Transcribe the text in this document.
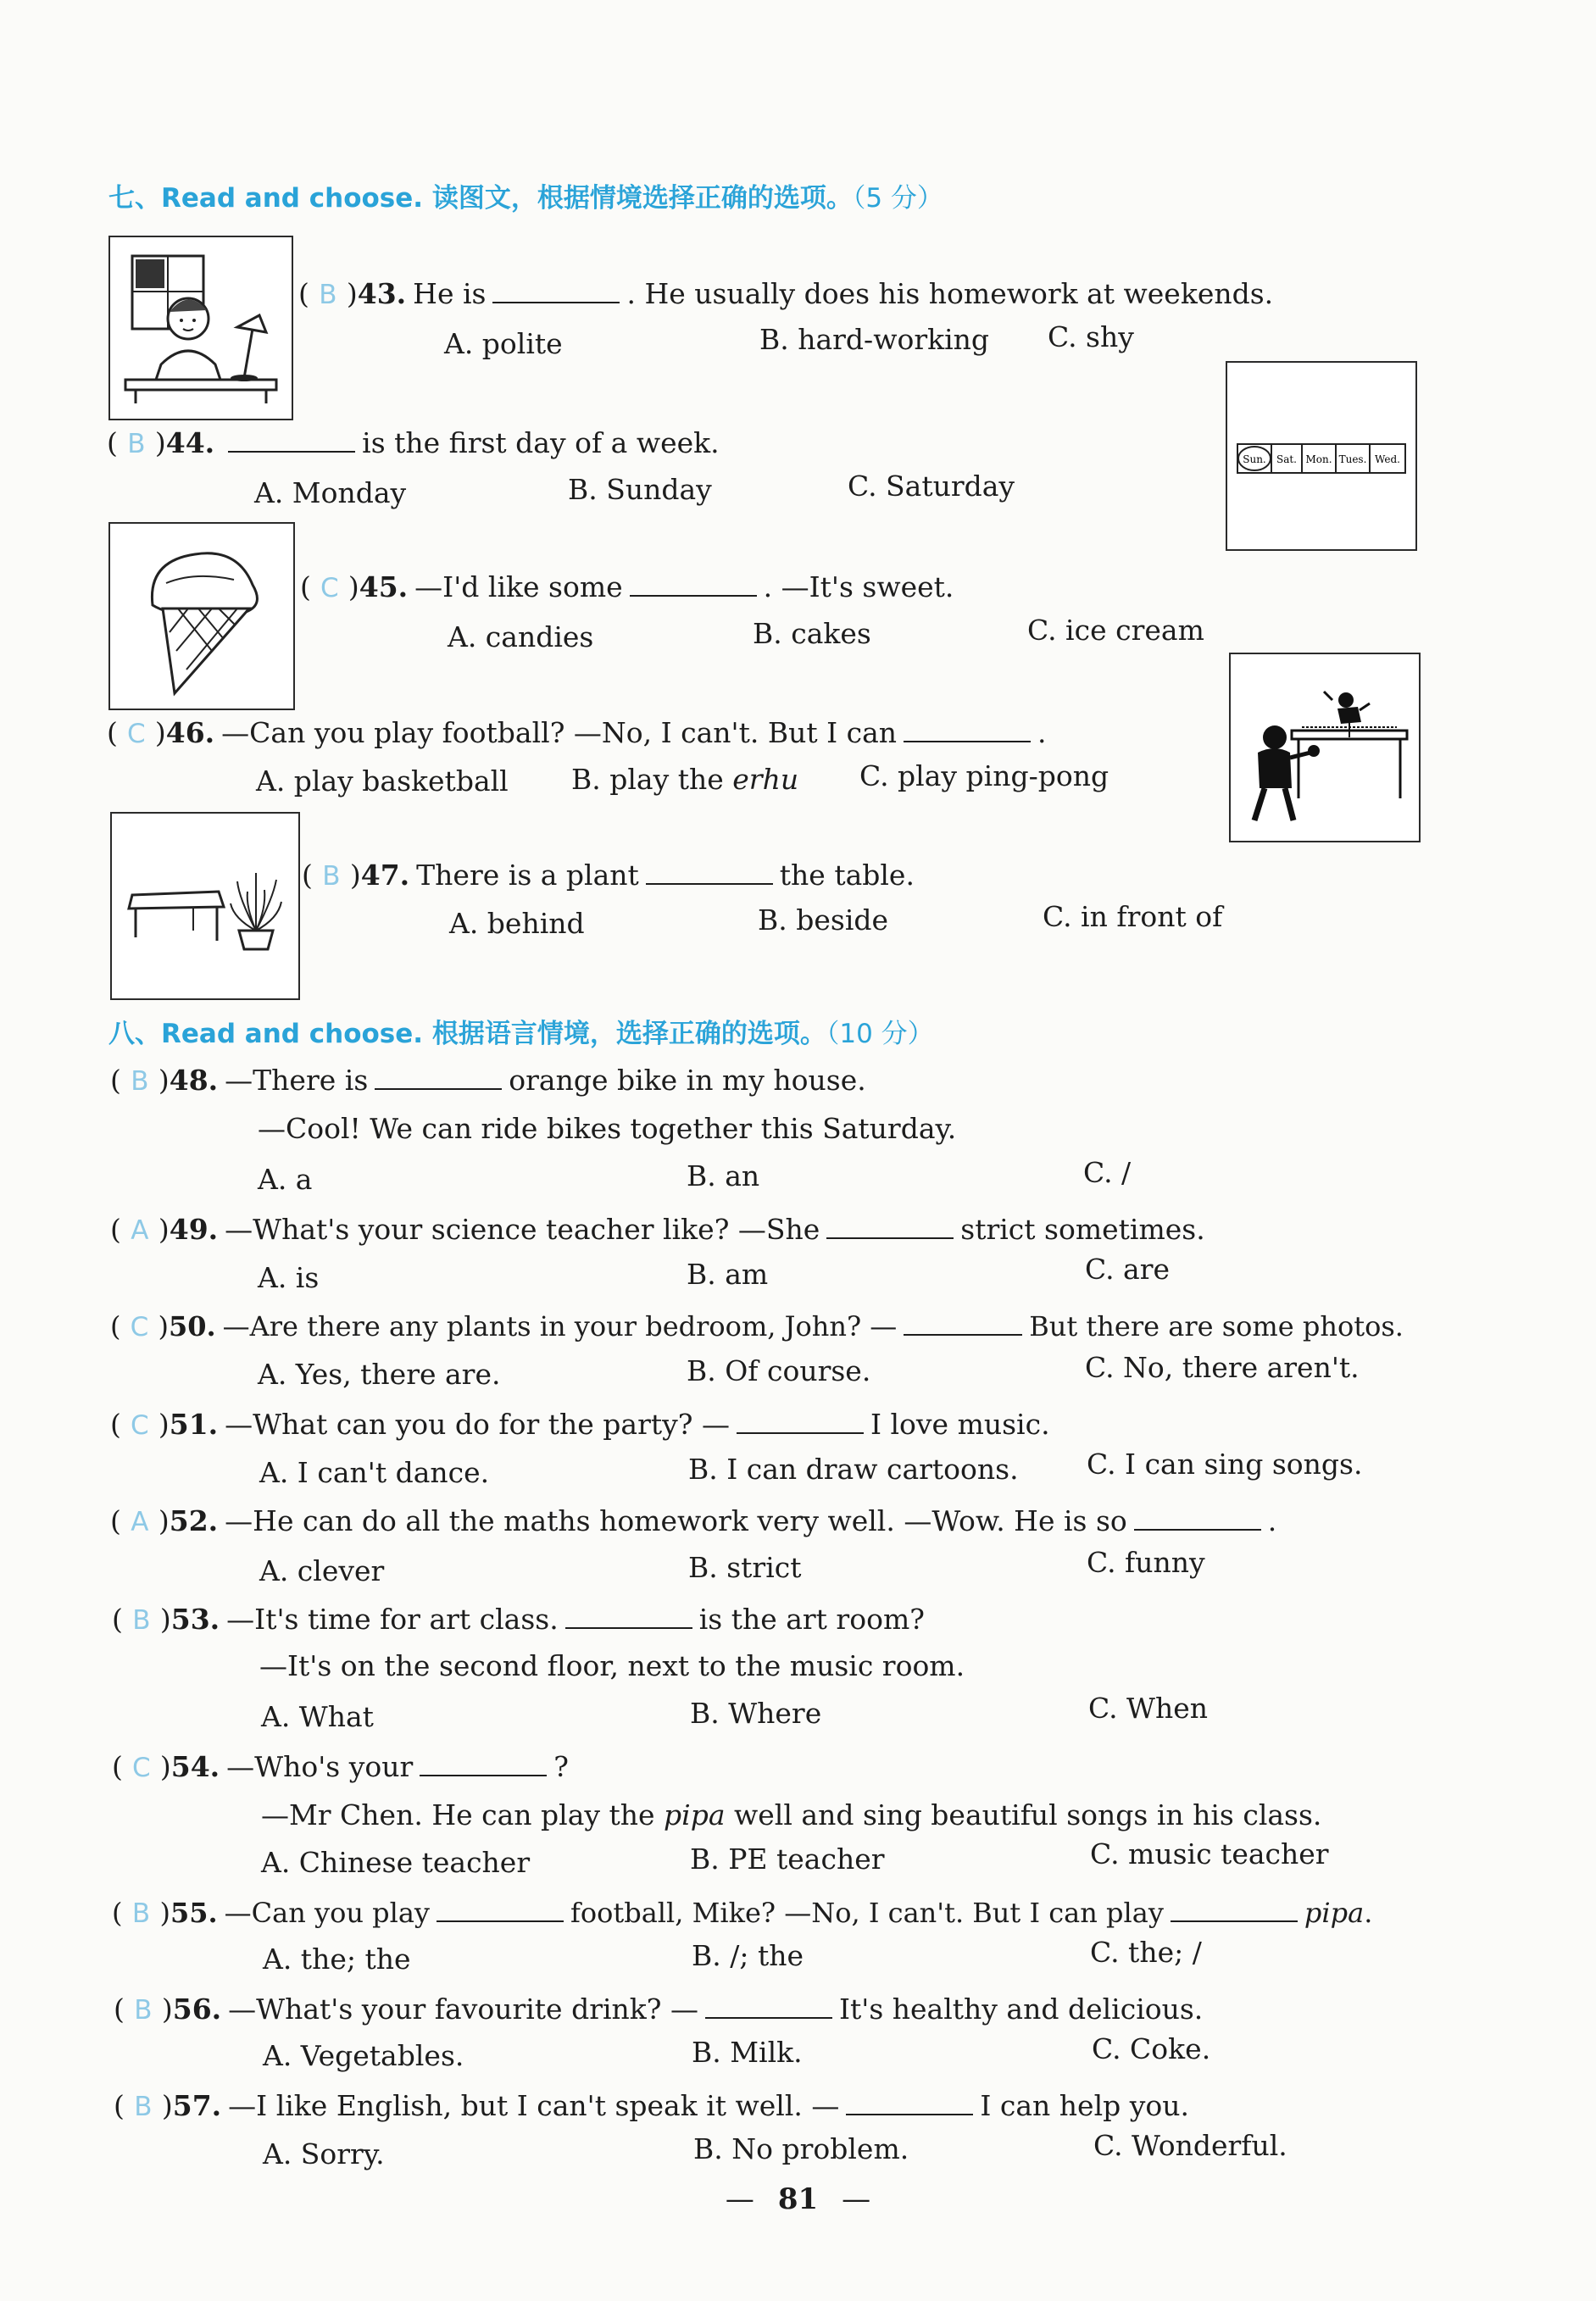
七、Read and choose. 读图文，根据情境选择正确的选项。（5 分）
( B )43. He is	. He usually does his homework at weekends.
A. polite	B. hard-working C. shy
Sun. Sat. Mon. Tues. Wed.
( B )44.	is the first day of a week.
A. Monday	B. Sunday	C. Saturday
( C )45. —I'd like some	. —It's sweet.
A. candies	B. cakes	C. ice cream
( C )46. —Can you play football? —No, I can't. But I can	.
A. play basketball B. play the erhu C. play ping-pong
( B )47. There is a plant	the table.
A. behind	B. beside	C. in front of
八、Read and choose. 根据语言情境，选择正确的选项。（10 分）
( B )48. —There is	orange bike in my house.
—Cool! We can ride bikes together this Saturday.
A. a	B. an	C. /
( A )49. —What's your science teacher like? —She	strict sometimes.
A. is	B. am	C. are
( C )50. —Are there any plants in your bedroom, John? —	But there are some photos.
A. Yes, there are.	B. Of course.	C. No, there aren't.
( C )51. —What can you do for the party? —	I love music.
A. I can't dance.	B. I can draw cartoons. C. I can sing songs.
( A )52. —He can do all the maths homework very well. —Wow. He is so	.
A. clever	B. strict	C. funny
( B )53. —It's time for art class.	is the art room?
—It's on the second floor, next to the music room.
A. What	B. Where	C. When
( C )54. —Who's your	?
—Mr Chen. He can play the pipa well and sing beautiful songs in his class.
A. Chinese teacher	B. PE teacher	C. music teacher
( B )55. —Can you play	football, Mike? —No, I can't. But I can play	pipa.
A. the; the	B. /; the	C. the; /
( B )56. —What's your favourite drink? —	It's healthy and delicious.
A. Vegetables.	B. Milk.	C. Coke.
( B )57. —I like English, but I can't speak it well. —	I can help you.
A. Sorry.	B. No problem.	C. Wonderful.
— 81 —
